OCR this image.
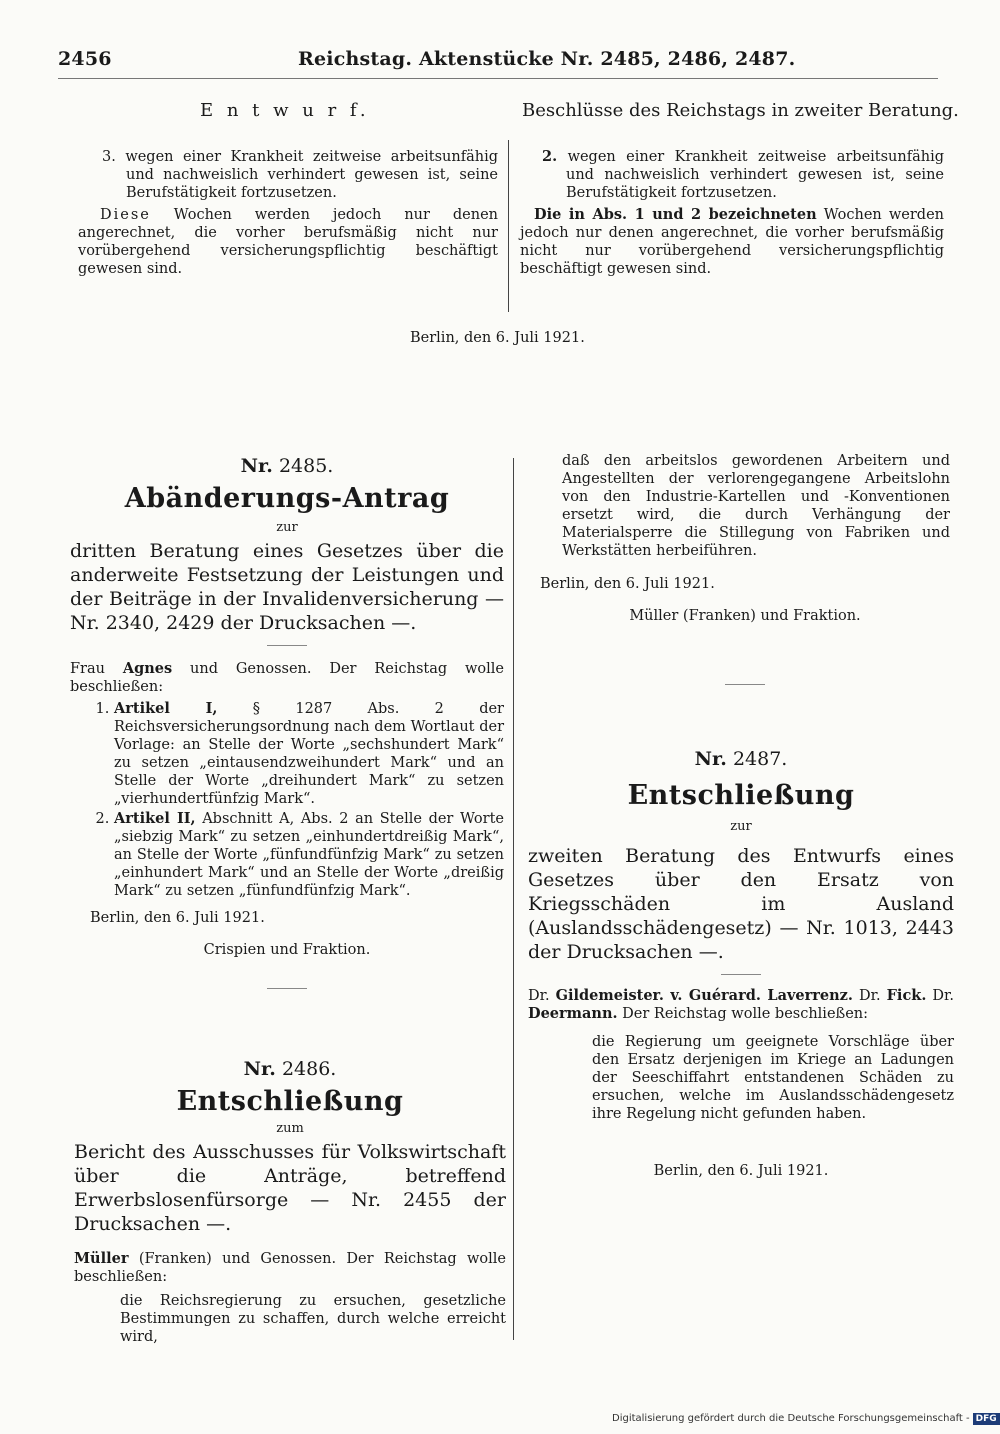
2456	Reichstag. Aktenstücke Nr. 2485, 2486, 2487.
E n t w u r f.	Beschlüsse des Reichstags in zweiter Beratung.

3. wegen einer Krankheit zeitweise arbeitsunfähig und nachweislich verhindert gewesen ist, seine Berufstätigkeit fortzusetzen.

Diese Wochen werden jedoch nur denen angerechnet, die vorher berufsmäßig nicht nur vorübergehend versicherungspflichtig beschäftigt gewesen sind.

2. wegen einer Krankheit zeitweise arbeitsunfähig und nachweislich verhindert gewesen ist, seine Berufstätigkeit fortzusetzen.

Die in Abs. 1 und 2 bezeichneten Wochen werden jedoch nur denen angerechnet, die vorher berufsmäßig nicht nur vorübergehend versicherungspflichtig beschäftigt gewesen sind.

Berlin, den 6. Juli 1921.
Nr. 2485.
Abänderungs-Antrag
zur
dritten Beratung eines Gesetzes über die anderweite Festsetzung der Leistungen und der Beiträge in der Invalidenversicherung — Nr. 2340, 2429 der Drucksachen —.
Frau Agnes und Genossen. Der Reichstag wolle beschließen:
1. Artikel I, § 1287 Abs. 2 der Reichsversicherungsordnung nach dem Wortlaut der Vorlage: an Stelle der Worte „sechshundert Mark“ zu setzen „eintausendzweihundert Mark“ und an Stelle der Worte „dreihundert Mark“ zu setzen „vierhundertfünfzig Mark“.
2. Artikel II, Abschnitt A, Abs. 2 an Stelle der Worte „siebzig Mark“ zu setzen „einhundertdreißig Mark“, an Stelle der Worte „fünfundfünfzig Mark“ zu setzen „einhundert Mark“ und an Stelle der Worte „dreißig Mark“ zu setzen „fünfundfünfzig Mark“.
Berlin, den 6. Juli 1921.
Crispien und Fraktion.
Nr. 2486.
Entschließung
zum
Bericht des Ausschusses für Volkswirtschaft über die Anträge, betreffend Erwerbslosenfürsorge — Nr. 2455 der Drucksachen —.
Müller (Franken) und Genossen. Der Reichstag wolle beschließen:
die Reichsregierung zu ersuchen, gesetzliche Bestimmungen zu schaffen, durch welche erreicht wird,
daß den arbeitslos gewordenen Arbeitern und Angestellten der verlorengegangene Arbeitslohn von den Industrie-Kartellen und -Konventionen ersetzt wird, die durch Verhängung der Materialsperre die Stillegung von Fabriken und Werkstätten herbeiführen.
Berlin, den 6. Juli 1921.
Müller (Franken) und Fraktion.
Nr. 2487.
Entschließung
zur
zweiten Beratung des Entwurfs eines Gesetzes über den Ersatz von Kriegsschäden im Ausland (Auslandsschädengesetz) — Nr. 1013, 2443 der Drucksachen —.
Dr. Gildemeister. v. Guérard. Laverrenz. Dr. Fick. Dr. Deermann. Der Reichstag wolle beschließen:
die Regierung um geeignete Vorschläge über den Ersatz derjenigen im Kriege an Ladungen der Seeschiffahrt entstandenen Schäden zu ersuchen, welche im Auslandsschädengesetz ihre Regelung nicht gefunden haben.
Berlin, den 6. Juli 1921.
Digitalisierung gefördert durch die Deutsche Forschungsgemeinschaft - DFG
